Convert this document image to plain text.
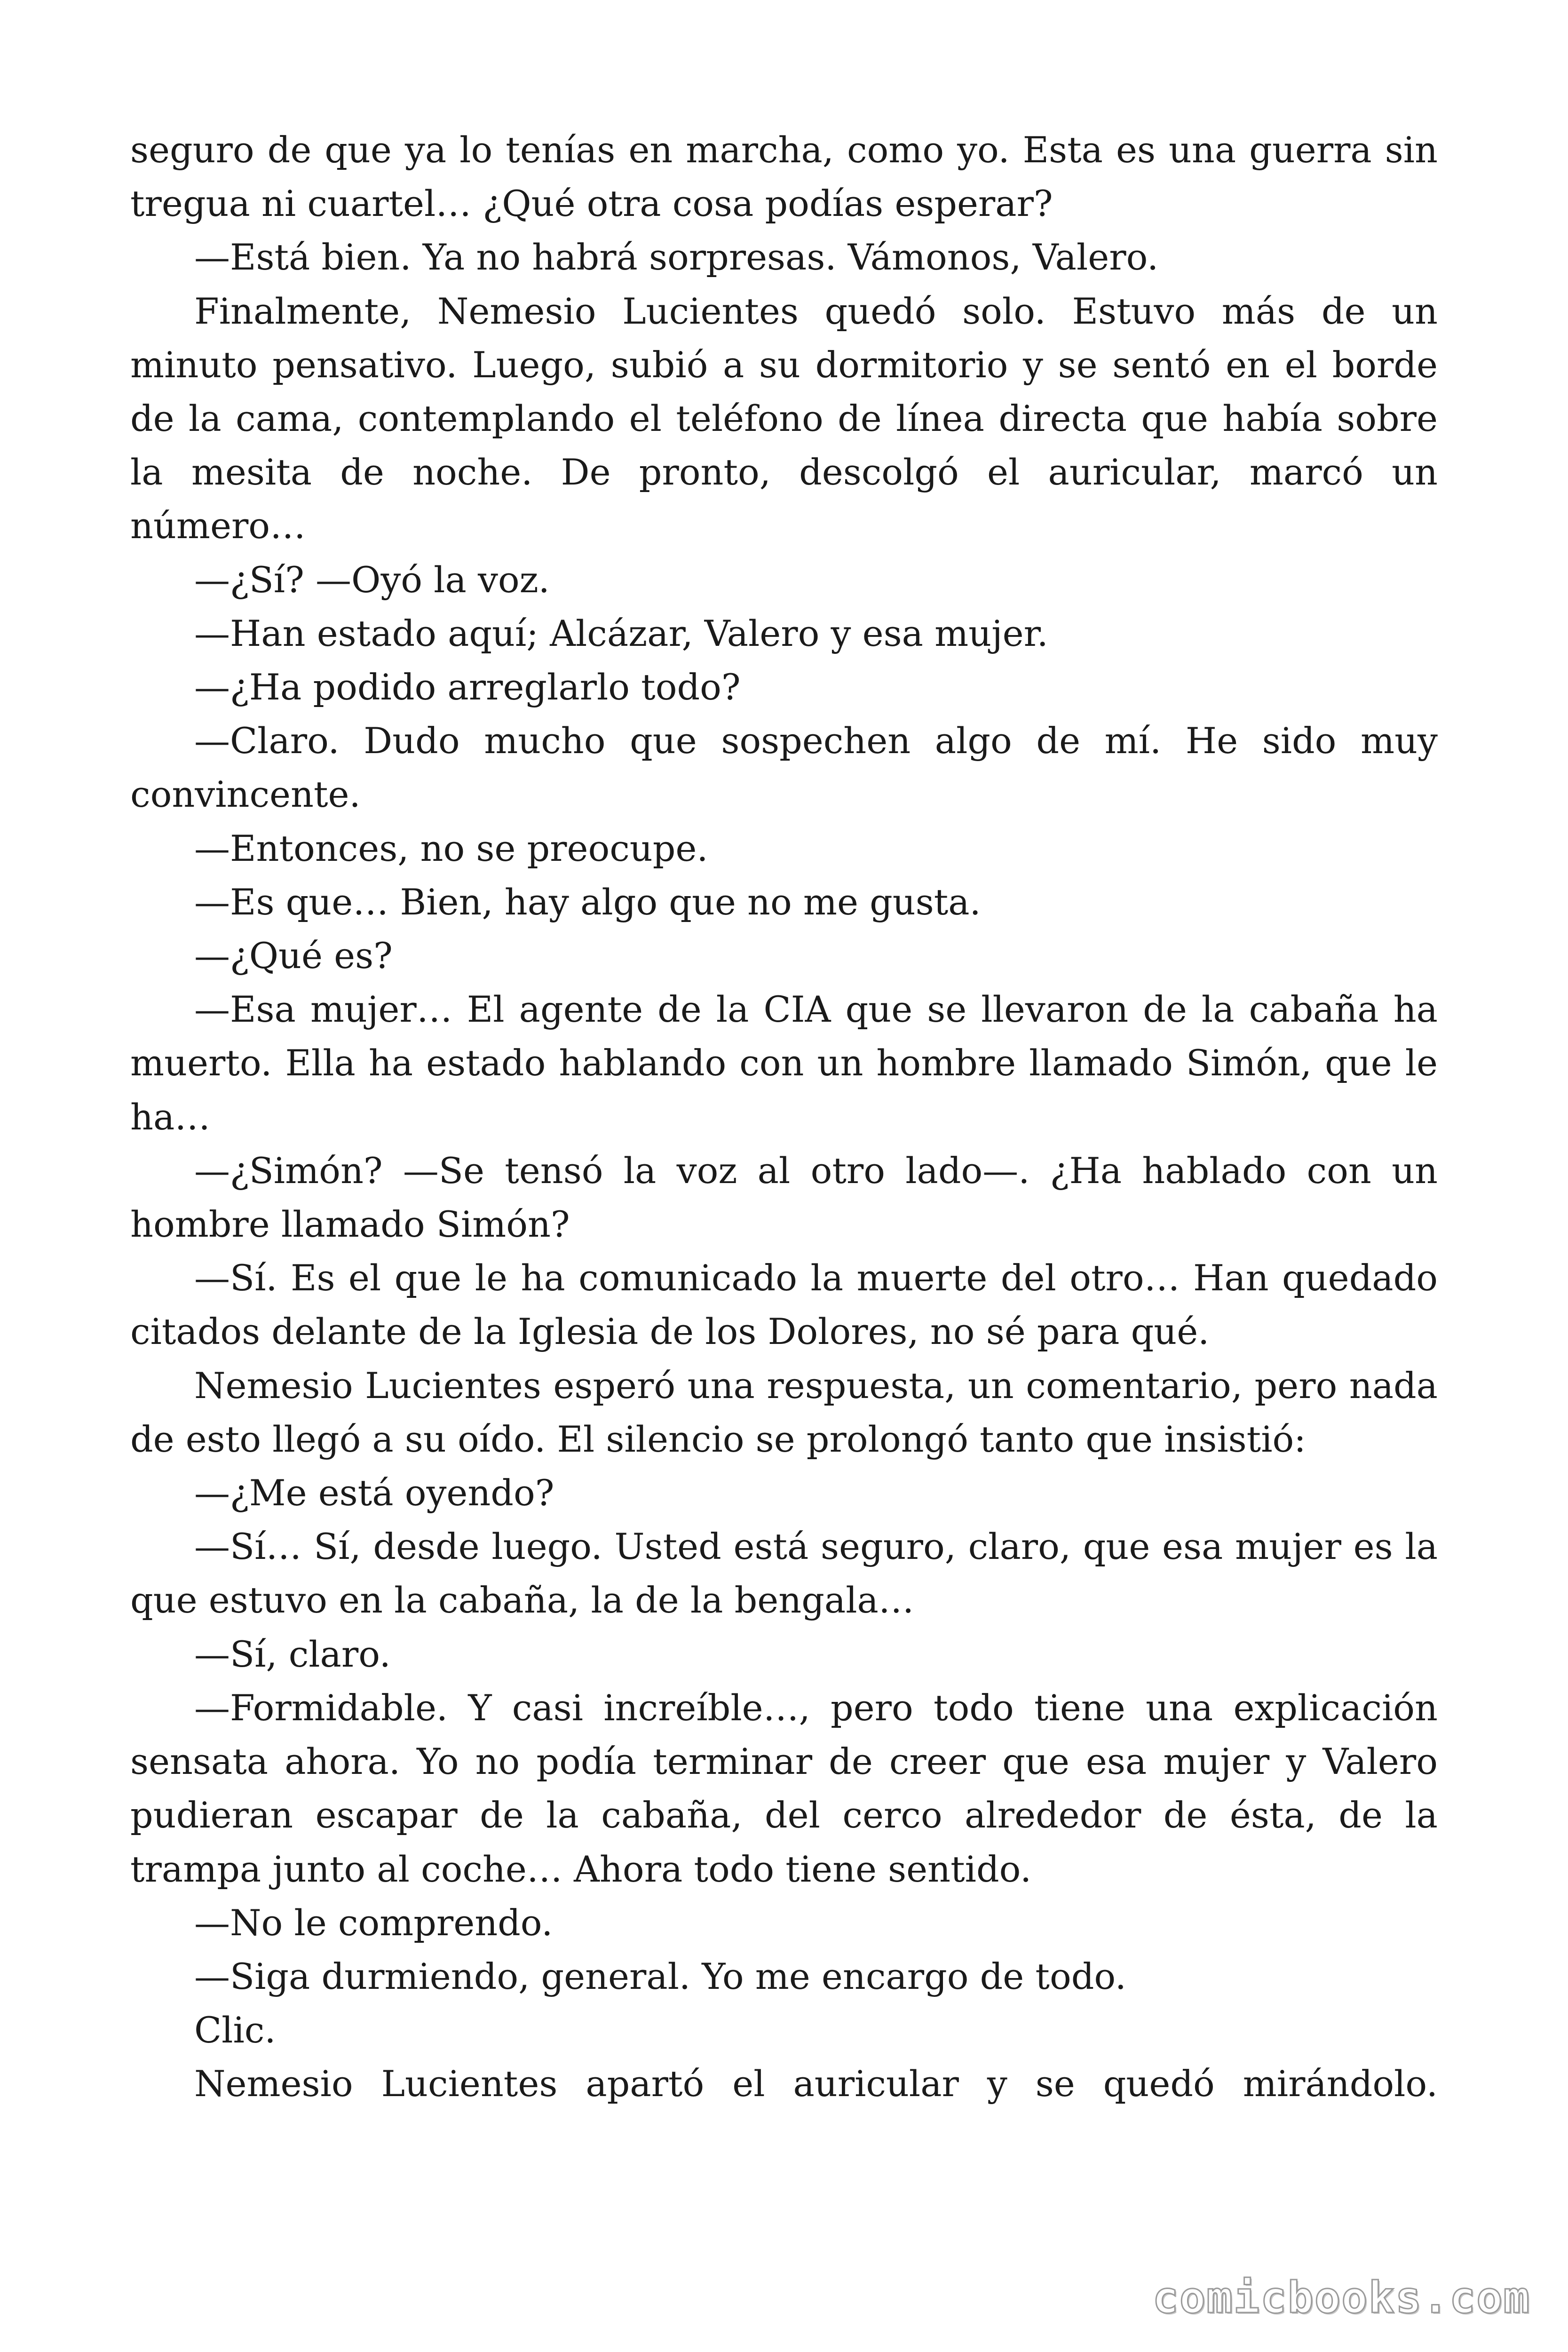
seguro de que ya lo tenías en marcha, como yo. Esta es una guerra sin tregua ni cuartel… ¿Qué otra cosa podías esperar?

—Está bien. Ya no habrá sorpresas. Vámonos, Valero.

Finalmente, Nemesio Lucientes quedó solo. Estuvo más de un minuto pensativo. Luego, subió a su dormitorio y se sentó en el borde de la cama, contemplando el teléfono de línea directa que había sobre la mesita de noche. De pronto, descolgó el auricular, marcó un número…

—¿Sí? —Oyó la voz.

—Han estado aquí; Alcázar, Valero y esa mujer.

—¿Ha podido arreglarlo todo?

—Claro. Dudo mucho que sospechen algo de mí. He sido muy convincente.

—Entonces, no se preocupe.

—Es que… Bien, hay algo que no me gusta.

—¿Qué es?

—Esa mujer… El agente de la CIA que se llevaron de la cabaña ha muerto. Ella ha estado hablando con un hombre llamado Simón, que le ha…

—¿Simón? —Se tensó la voz al otro lado—. ¿Ha hablado con un hombre llamado Simón?

—Sí. Es el que le ha comunicado la muerte del otro… Han quedado citados delante de la Iglesia de los Dolores, no sé para qué.

Nemesio Lucientes esperó una respuesta, un comentario, pero nada de esto llegó a su oído. El silencio se prolongó tanto que insistió:

—¿Me está oyendo?

—Sí… Sí, desde luego. Usted está seguro, claro, que esa mujer es la que estuvo en la cabaña, la de la bengala…

—Sí, claro.

—Formidable. Y casi increíble…, pero todo tiene una explicación sensata ahora. Yo no podía terminar de creer que esa mujer y Valero pudieran escapar de la cabaña, del cerco alrededor de ésta, de la trampa junto al coche… Ahora todo tiene sentido.

—No le comprendo.

—Siga durmiendo, general. Yo me encargo de todo.

Clic.

Nemesio Lucientes apartó el auricular y se quedó mirándolo.

comicbooks.com
